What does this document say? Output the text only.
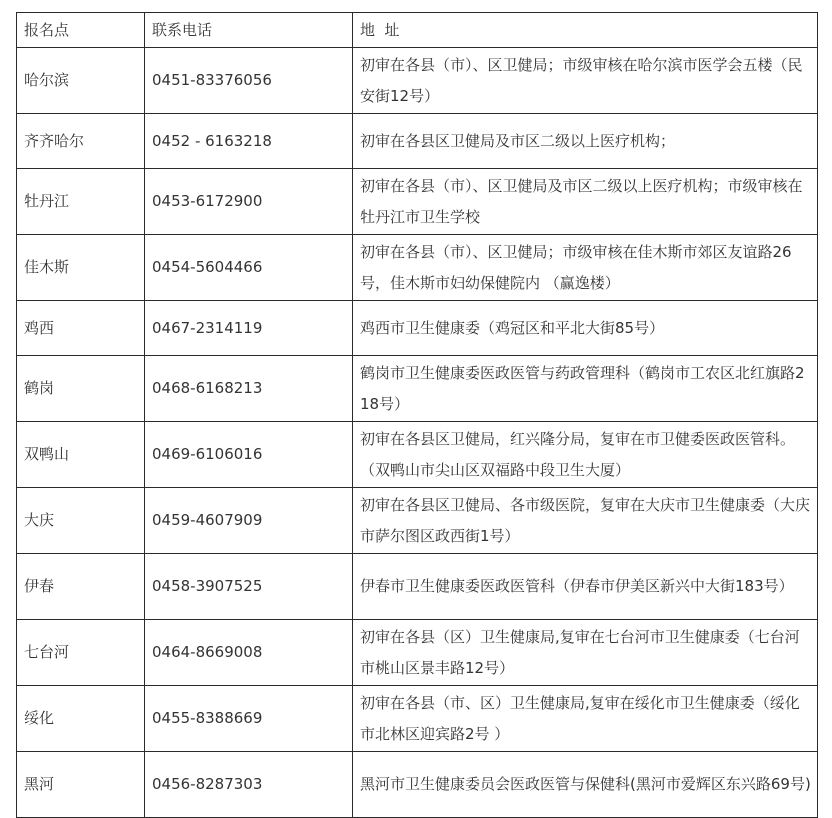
报名点	联系电话	地  址
哈尔滨	0451-83376056	初审在各县（市）、区卫健局；市级审核在哈尔滨市医学会五楼（民安街12号）
齐齐哈尔	0452 - 6163218	初审在各县区卫健局及市区二级以上医疗机构；
牡丹江	0453-6172900	初审在各县（市）、区卫健局及市区二级以上医疗机构；市级审核在牡丹江市卫生学校
佳木斯	0454-5604466	初审在各县（市）、区卫健局；市级审核在佳木斯市郊区友谊路26号，佳木斯市妇幼保健院内 （赢逸楼）
鸡西	0467-2314119	鸡西市卫生健康委（鸡冠区和平北大街85号）
鹤岗	0468-6168213	鹤岗市卫生健康委医政医管与药政管理科（鹤岗市工农区北红旗路218号）
双鸭山	0469-6106016	初审在各县区卫健局，红兴隆分局，复审在市卫健委医政医管科。（双鸭山市尖山区双福路中段卫生大厦）
大庆	0459-4607909	初审在各县区卫健局、各市级医院，复审在大庆市卫生健康委（大庆市萨尔图区政西街1号）
伊春	0458-3907525	伊春市卫生健康委医政医管科（伊春市伊美区新兴中大街183号）
七台河	0464-8669008	初审在各县（区）卫生健康局,复审在七台河市卫生健康委（七台河市桃山区景丰路12号）
绥化	0455-8388669	初审在各县（市、区）卫生健康局,复审在绥化市卫生健康委（绥化市北林区迎宾路2号 ）
黑河	0456-8287303	黑河市卫生健康委员会医政医管与保健科(黑河市爱辉区东兴路69号)
